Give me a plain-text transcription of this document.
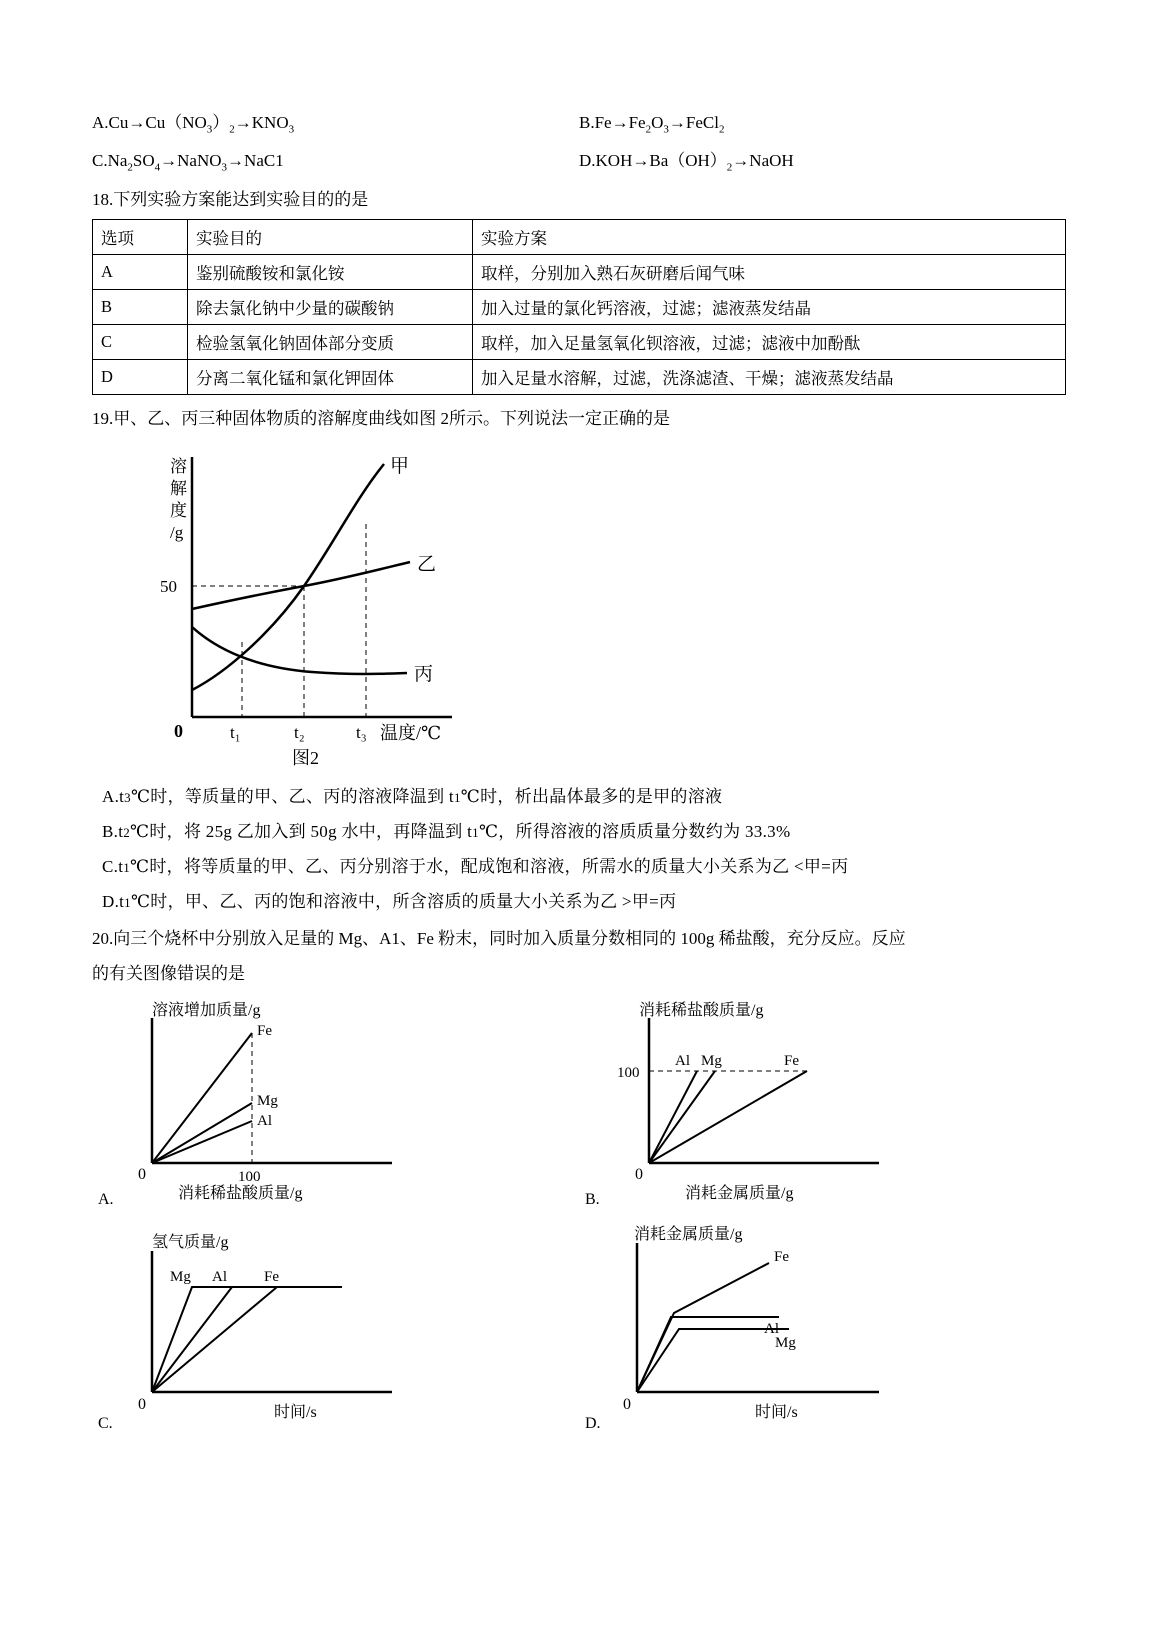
$A.Cu\to Cu(NO_3)_2\to KNO_3$	$B.Fe\to Fe_2O_3\to FeCl_2$
$C.Na_2SO_4\to NaNO_3\to NaC1$	$D.KOH\to Ba(OH)_2\to NaOH$
18.下列实验方案能达到实验目的的是
选项	实验目的	实验方案
A	鉴别硫酸铵和氯化铵	取样，分别加入熟石灰研磨后闻气味
B	除去氯化钠中少量的碳酸钠	加入过量的氯化钙溶液，过滤；滤液蒸发结晶
C	检验氢氧化钠固体部分变质	取样，加入足量氢氧化钡溶液，过滤；滤液中加酚酞
D	分离二氧化锰和氯化钾固体	加入足量水溶解，过滤，洗涤滤渣、干燥；滤液蒸发结晶
19.甲、乙、丙三种固体物质的溶解度曲线如图 2所示。下列说法一定正确的是
溶
解
度
/g
50
甲
乙
丙
0	t₁	t₂	t₃ 温度/℃
图2
A.t3℃时，等质量的甲、乙、丙的溶液降温到 t1℃时，析出晶体最多的是甲的溶液
B.t2℃时，将 25g 乙加入到 50g 水中，再降温到 t1℃，所得溶液的溶质质量分数约为 33.3%
C.t1℃时，将等质量的甲、乙、丙分别溶于水，配成饱和溶液，所需水的质量大小关系为乙 <甲=丙
D.t1℃时，甲、乙、丙的饱和溶液中，所含溶质的质量大小关系为乙 >甲=丙
20.向三个烧杯中分别放入足量的 Mg、A1、Fe 粉末，同时加入质量分数相同的 100g 稀盐酸，充分反应。反应
的有关图像错误的是
溶液增加质量/g
Fe
Mg
Al
0	100
消耗稀盐酸质量/g
A.
消耗稀盐酸质量/g
100
Al Mg	Fe
0
消耗金属质量/g
B.
氢气质量/g
Mg Al Fe
0	时间/s
C.
消耗金属质量/g
Fe
Al
Mg
0	时间/s
D.
